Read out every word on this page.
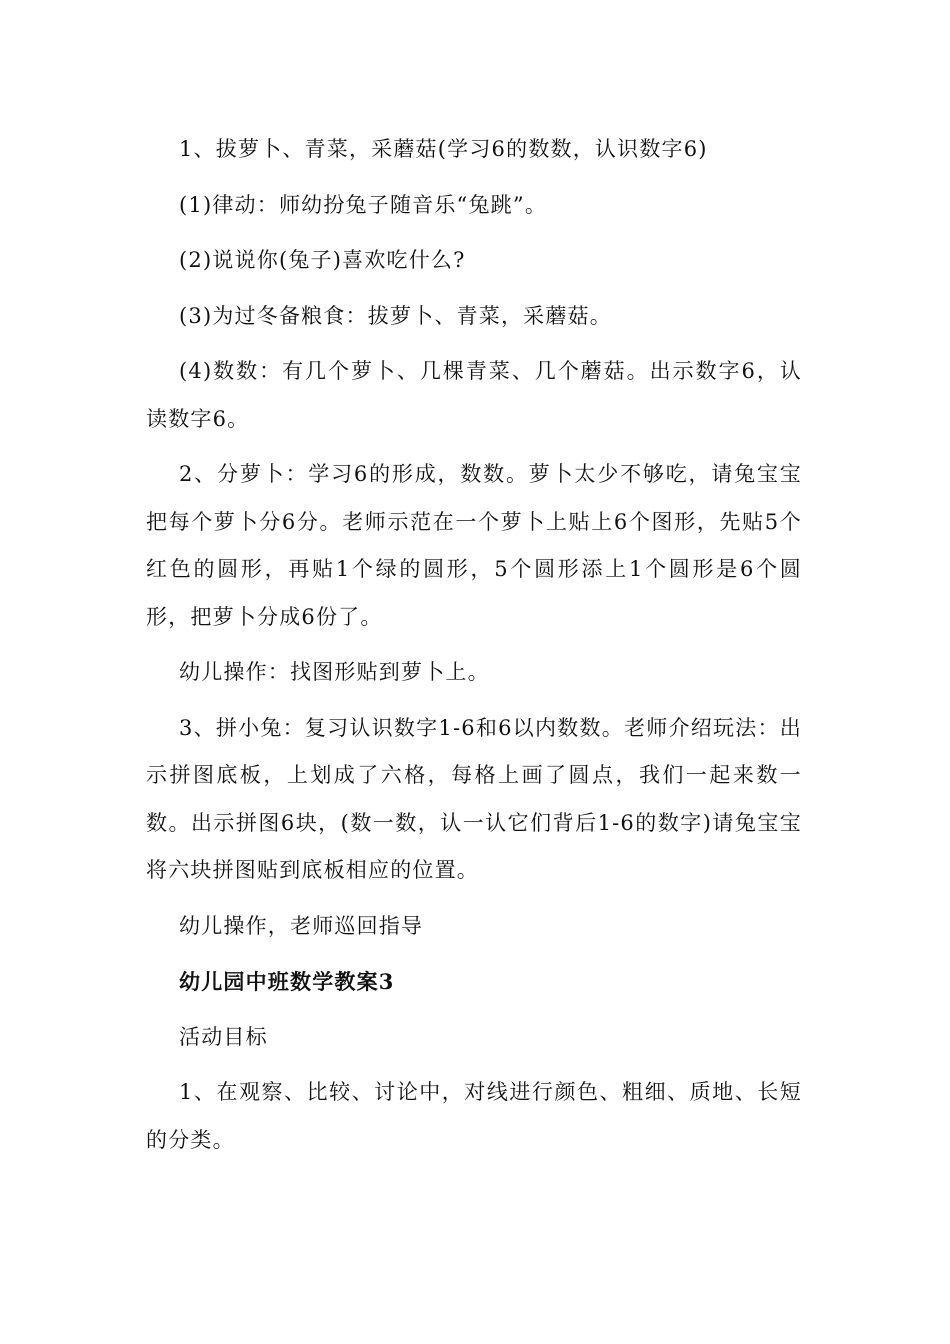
1、拔萝卜、青菜，采蘑菇(学习6的数数，认识数字6)

(1)律动：师幼扮兔子随音乐“兔跳”。

(2)说说你(兔子)喜欢吃什么?

(3)为过冬备粮食：拔萝卜、青菜，采蘑菇。

(4)数数：有几个萝卜、几棵青菜、几个蘑菇。出示数字6，认读数字6。

2、分萝卜：学习6的形成，数数。萝卜太少不够吃，请兔宝宝把每个萝卜分6分。老师示范在一个萝卜上贴上6个图形，先贴5个红色的圆形，再贴1个绿的圆形，5个圆形添上1个圆形是6个圆形，把萝卜分成6份了。

幼儿操作：找图形贴到萝卜上。

3、拼小兔：复习认识数字1-6和6以内数数。老师介绍玩法：出示拼图底板，上划成了六格，每格上画了圆点，我们一起来数一数。出示拼图6块，(数一数，认一认它们背后1-6的数字)请兔宝宝将六块拼图贴到底板相应的位置。

幼儿操作，老师巡回指导

幼儿园中班数学教案3

活动目标

1、在观察、比较、讨论中，对线进行颜色、粗细、质地、长短的分类。
